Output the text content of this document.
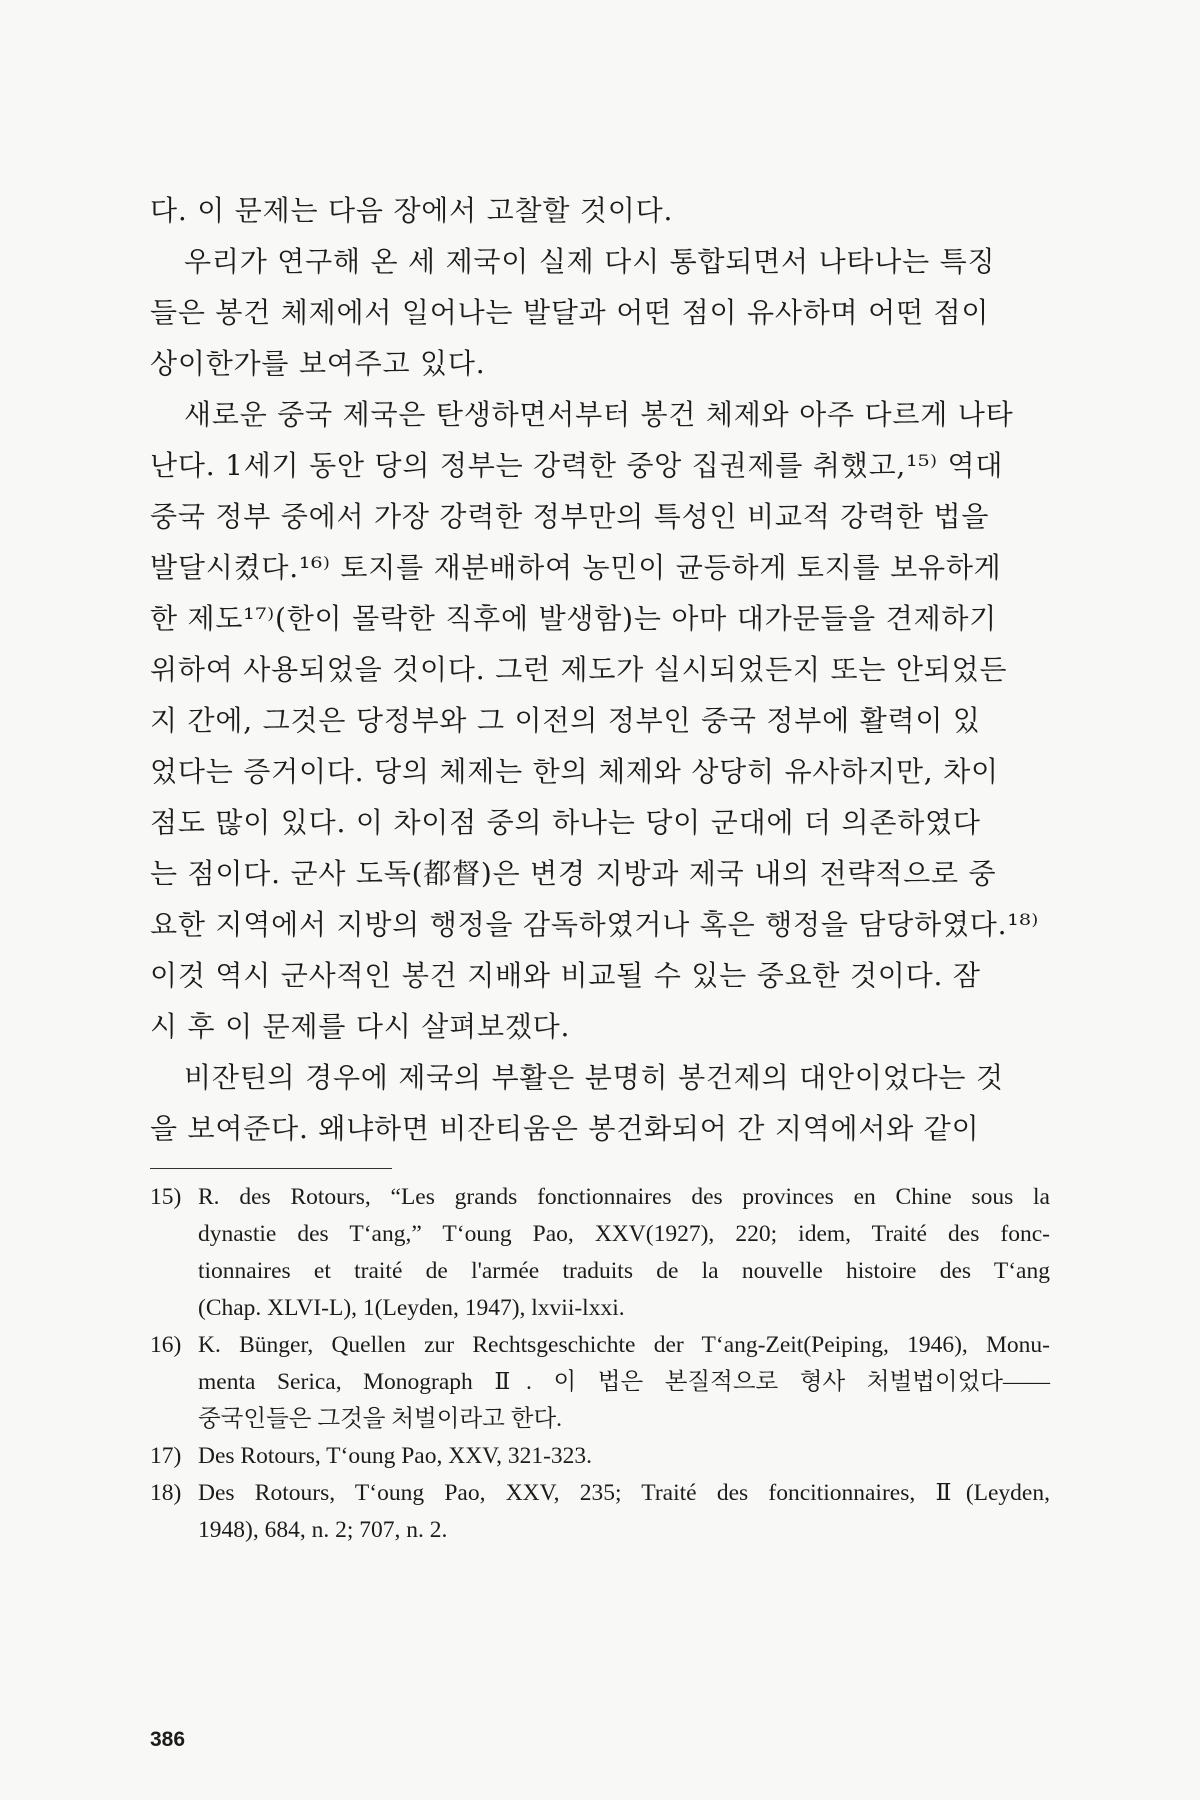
다. 이 문제는 다음 장에서 고찰할 것이다.
우리가 연구해 온 세 제국이 실제 다시 통합되면서 나타나는 특징
들은 봉건 체제에서 일어나는 발달과 어떤 점이 유사하며 어떤 점이
상이한가를 보여주고 있다.
새로운 중국 제국은 탄생하면서부터 봉건 체제와 아주 다르게 나타
난다. 1세기 동안 당의 정부는 강력한 중앙 집권제를 취했고,¹⁵⁾ 역대
중국 정부 중에서 가장 강력한 정부만의 특성인 비교적 강력한 법을
발달시켰다.¹⁶⁾ 토지를 재분배하여 농민이 균등하게 토지를 보유하게
한 제도¹⁷⁾(한이 몰락한 직후에 발생함)는 아마 대가문들을 견제하기
위하여 사용되었을 것이다. 그런 제도가 실시되었든지 또는 안되었든
지 간에, 그것은 당정부와 그 이전의 정부인 중국 정부에 활력이 있
었다는 증거이다. 당의 체제는 한의 체제와 상당히 유사하지만, 차이
점도 많이 있다. 이 차이점 중의 하나는 당이 군대에 더 의존하였다
는 점이다. 군사 도독(都督)은 변경 지방과 제국 내의 전략적으로 중
요한 지역에서 지방의 행정을 감독하였거나 혹은 행정을 담당하였다.¹⁸⁾
이것 역시 군사적인 봉건 지배와 비교될 수 있는 중요한 것이다. 잠
시 후 이 문제를 다시 살펴보겠다.
비잔틴의 경우에 제국의 부활은 분명히 봉건제의 대안이었다는 것
을 보여준다. 왜냐하면 비잔티움은 봉건화되어 간 지역에서와 같이
15) R. des Rotours, “Les grands fonctionnaires des provinces en Chine sous la
dynastie des T‘ang,” T‘oung Pao, XXV(1927), 220; idem, Traité des fonc-
tionnaires et traité de l'armée traduits de la nouvelle histoire des T‘ang
(Chap. XLVI-L), 1(Leyden, 1947), lxvii-lxxi.
16) K. Bünger, Quellen zur Rechtsgeschichte der T‘ang-Zeit(Peiping, 1946), Monu-
menta Serica, Monograph Ⅱ. 이 법은 본질적으로 형사 처벌법이었다——
중국인들은 그것을 처벌이라고 한다.
17) Des Rotours, T‘oung Pao, XXV, 321-323.
18) Des Rotours, T‘oung Pao, XXV, 235; Traité des foncitionnaires, Ⅱ(Leyden,
1948), 684, n. 2; 707, n. 2.
386
